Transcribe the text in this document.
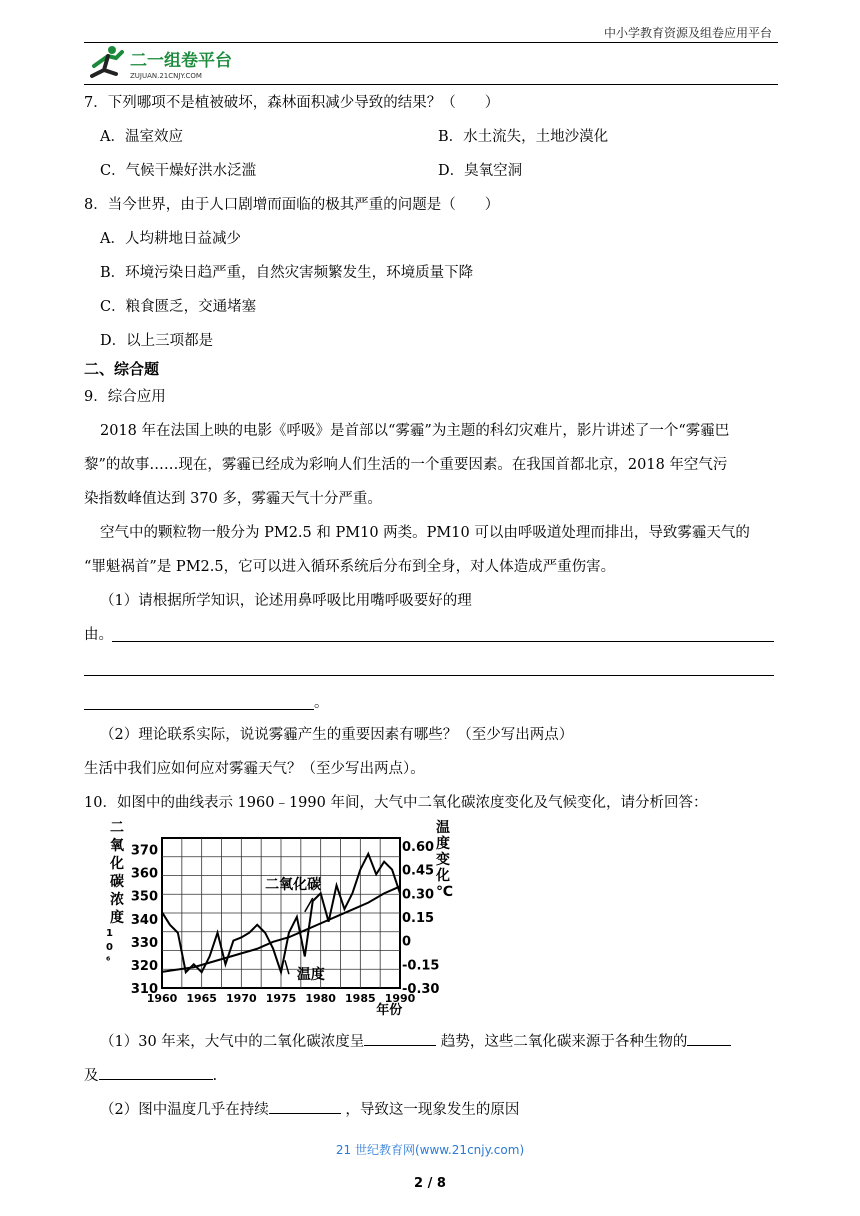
中小学教育资源及组卷应用平台
二一组卷平台
ZUJUAN.21CNJY.COM
7．下列哪项不是植被破坏，森林面积减少导致的结果？（　　）
A．温室效应	B．水土流失，土地沙漠化
C．气候干燥好洪水泛滥	D．臭氧空洞
8．当今世界，由于人口剧增而面临的极其严重的问题是（　　）
A．人均耕地日益减少
B．环境污染日趋严重，自然灾害频繁发生，环境质量下降
C．粮食匮乏，交通堵塞
D．以上三项都是
二、综合题
9．综合应用
2018 年在法国上映的电影《呼吸》是首部以“雾霾”为主题的科幻灾难片，影片讲述了一个“雾霾巴
黎”的故事……现在，雾霾已经成为彩响人们生活的一个重要因素。在我国首都北京，2018 年空气污
染指数峰值达到 370 多，雾霾天气十分严重。
空气中的颗粒物一般分为 PM2.5 和 PM10 两类。PM10 可以由呼吸道处理而排出，导致雾霾天气的
“罪魁祸首”是 PM2.5，它可以进入循环系统后分布到全身，对人体造成严重伤害。
（1）请根据所学知识，论述用鼻呼吸比用嘴呼吸要好的理
由。
。
（2）理论联系实际，说说雾霾产生的重要因素有哪些？（至少写出两点）
生活中我们应如何应对雾霾天气？（至少写出两点）。
10．如图中的曲线表示 1960﹣1990 年间，大气中二氧化碳浓度变化及气候变化，请分析回答：
310
320
330
340
350
360
370
-0.30
-0.15
0
0.15
0.30
0.45
0.60
1960 1965 1970 1975 1980 1985 1990
二氧化碳浓度 1 0 ⁶
温度变化℃
年份
二氧化碳
温度
（1）30 年来，大气中的二氧化碳浓度呈	趋势，这些二氧化碳来源于各种生物的
及	.
（2）图中温度几乎在持续	，导致这一现象发生的原因
21 世纪教育网(www.21cnjy.com)
2 / 8
